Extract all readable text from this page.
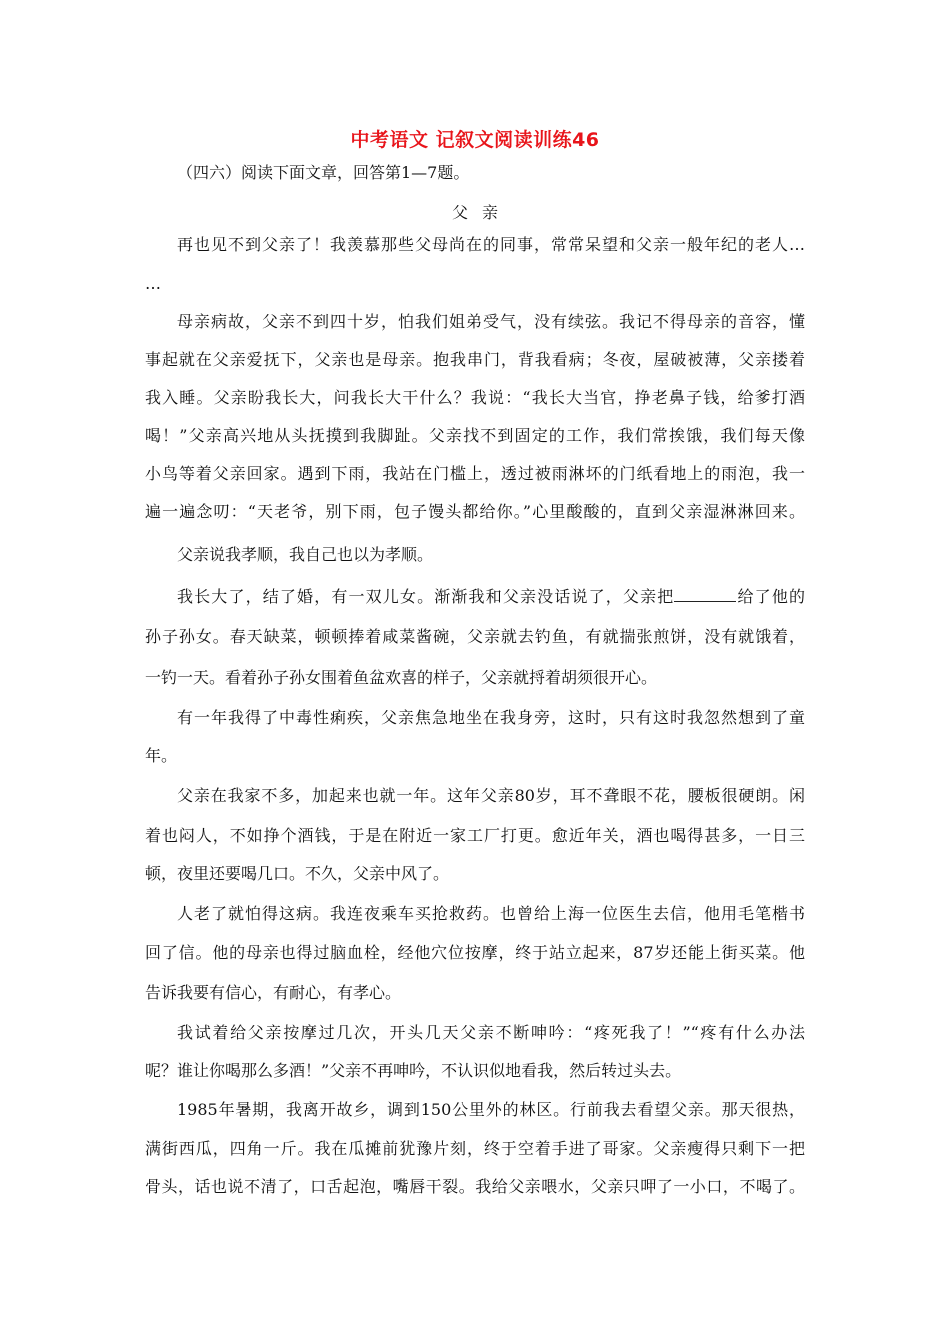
中考语文 记叙文阅读训练46
（四六）阅读下面文章，回答第1—7题。
父亲
再也见不到父亲了！我羡慕那些父母尚在的同事，常常呆望和父亲一般年纪的老人…
…
母亲病故，父亲不到四十岁，怕我们姐弟受气，没有续弦。我记不得母亲的音容，懂
事起就在父亲爱抚下，父亲也是母亲。抱我串门，背我看病；冬夜，屋破被薄，父亲搂着
我入睡。父亲盼我长大，问我长大干什么？我说：“我长大当官，挣老鼻子钱，给爹打酒
喝！”父亲高兴地从头抚摸到我脚趾。父亲找不到固定的工作，我们常挨饿，我们每天像
小鸟等着父亲回家。遇到下雨，我站在门槛上，透过被雨淋坏的门纸看地上的雨泡，我一
遍一遍念叨：“天老爷，别下雨，包子馒头都给你。”心里酸酸的，直到父亲湿淋淋回来。
父亲说我孝顺，我自己也以为孝顺。
我长大了，结了婚，有一双儿女。渐渐我和父亲没话说了，父亲把	给了他的
孙子孙女。春天缺菜，顿顿捧着咸菜酱碗，父亲就去钓鱼，有就揣张煎饼，没有就饿着，
一钓一天。看着孙子孙女围着鱼盆欢喜的样子，父亲就捋着胡须很开心。
有一年我得了中毒性痢疾，父亲焦急地坐在我身旁，这时，只有这时我忽然想到了童
年。
父亲在我家不多，加起来也就一年。这年父亲80岁，耳不聋眼不花，腰板很硬朗。闲
着也闷人，不如挣个酒钱，于是在附近一家工厂打更。愈近年关，酒也喝得甚多，一日三
顿，夜里还要喝几口。不久，父亲中风了。
人老了就怕得这病。我连夜乘车买抢救药。也曾给上海一位医生去信，他用毛笔楷书
回了信。他的母亲也得过脑血栓，经他穴位按摩，终于站立起来，87岁还能上街买菜。他
告诉我要有信心，有耐心，有孝心。
我试着给父亲按摩过几次，开头几天父亲不断呻吟：“疼死我了！”“疼有什么办法
呢？谁让你喝那么多酒！”父亲不再呻吟，不认识似地看我，然后转过头去。
1985年暑期，我离开故乡，调到150公里外的林区。行前我去看望父亲。那天很热，
满街西瓜，四角一斤。我在瓜摊前犹豫片刻，终于空着手进了哥家。父亲瘦得只剩下一把
骨头，话也说不清了，口舌起泡，嘴唇干裂。我给父亲喂水，父亲只呷了一小口，不喝了。
